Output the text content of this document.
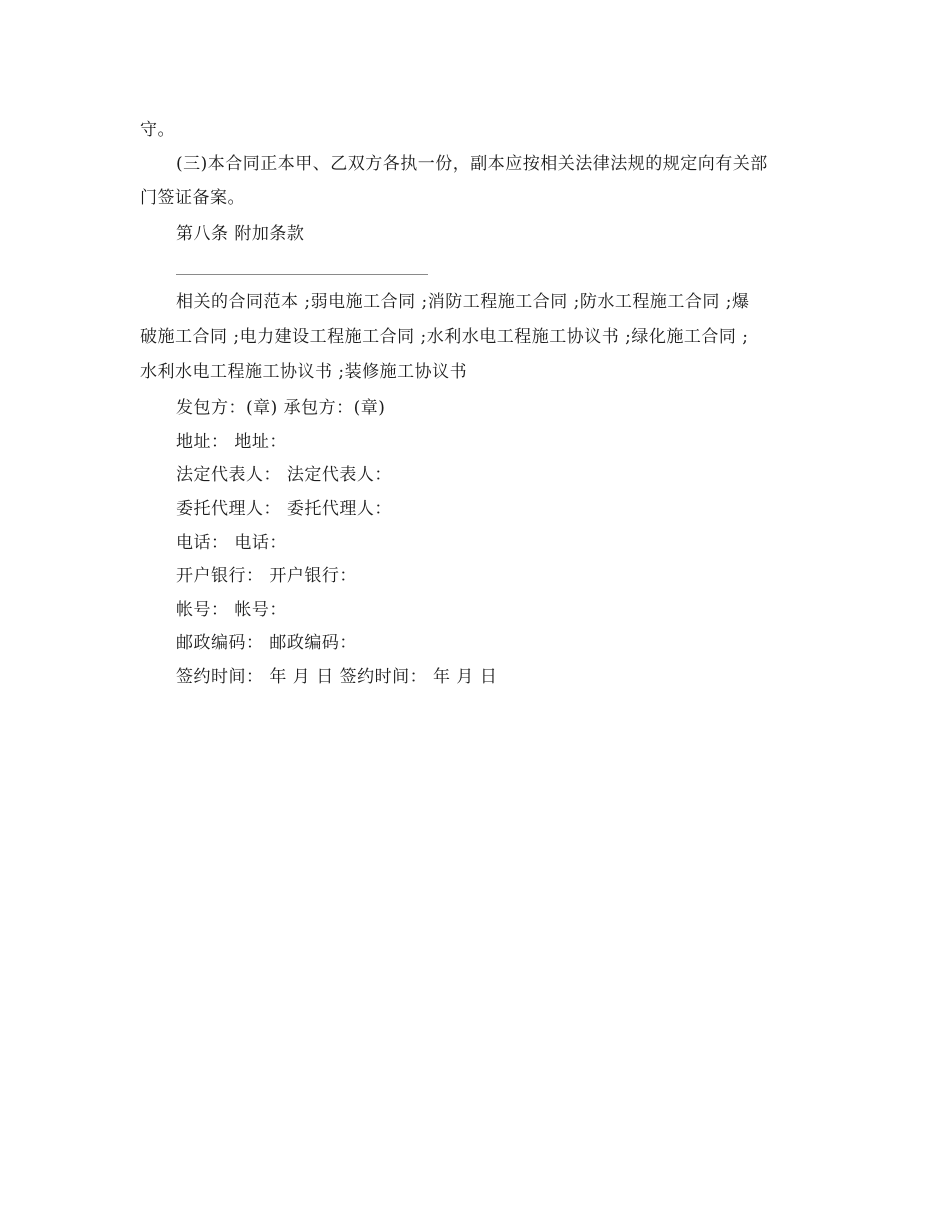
守。
(三)本合同正本甲、乙双方各执一份，副本应按相关法律法规的规定向有关部
门签证备案。
第八条 附加条款
相关的合同范本 ;弱电施工合同 ;消防工程施工合同 ;防水工程施工合同 ;爆
破施工合同 ;电力建设工程施工合同 ;水利水电工程施工协议书 ;绿化施工合同 ;
水利水电工程施工协议书 ;装修施工协议书
发包方：(章) 承包方：(章)
地址： 地址：
法定代表人： 法定代表人：
委托代理人： 委托代理人：
电话： 电话：
开户银行： 开户银行：
帐号： 帐号：
邮政编码： 邮政编码：
签约时间： 年 月 日 签约时间： 年 月 日
